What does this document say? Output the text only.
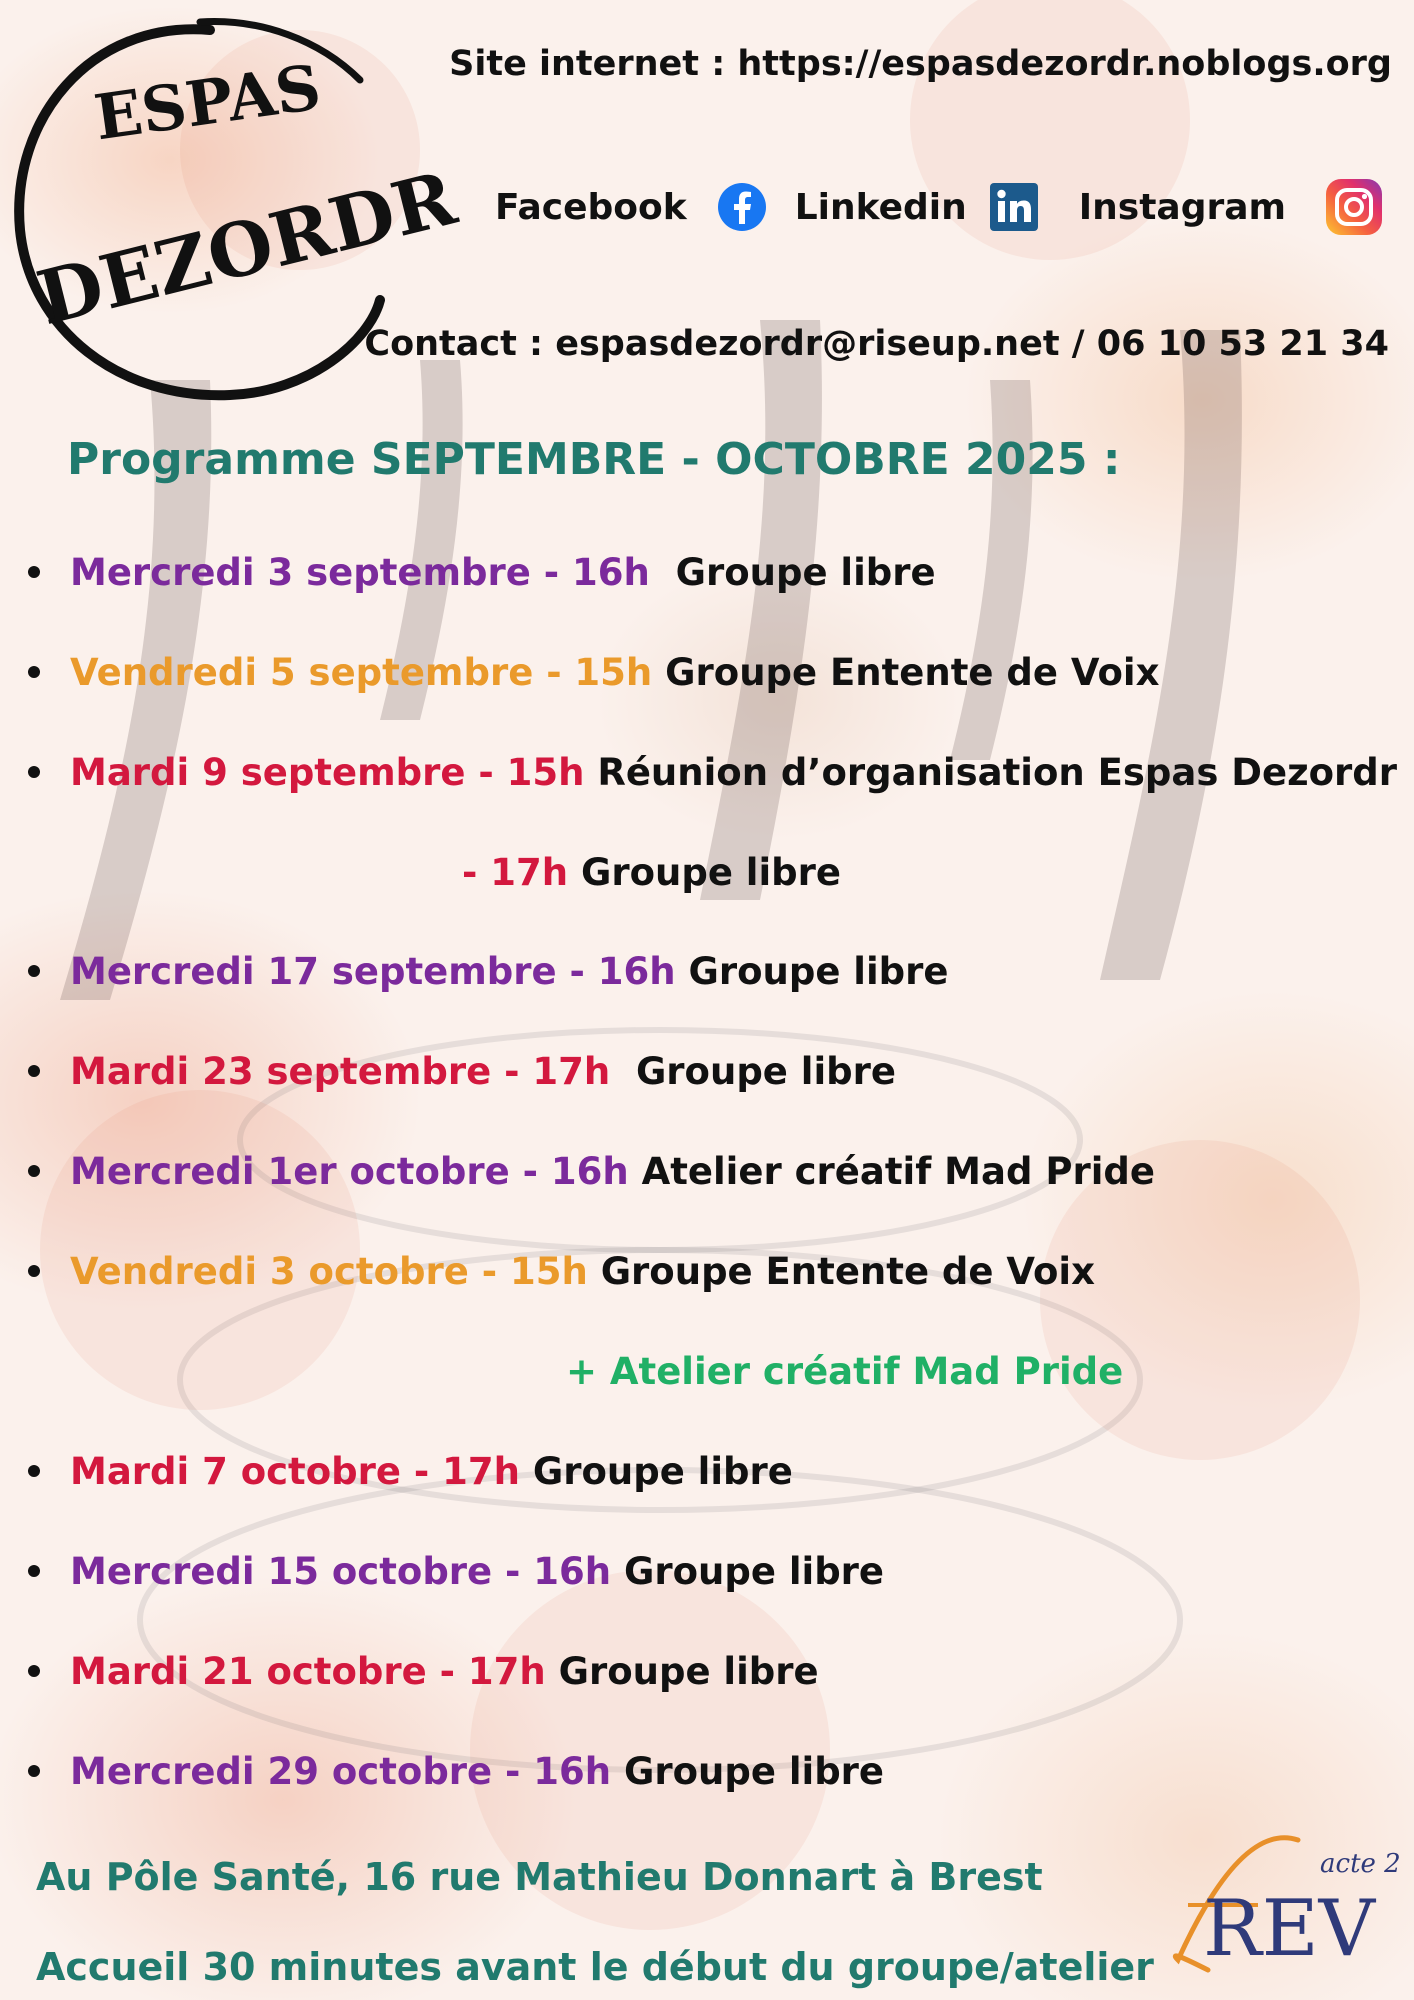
ESPAS
DEZORDR
Site internet : https://espasdezordr.noblogs.org
Facebook	Linkedin	Instagram
Contact : espasdezordr@riseup.net / 06 10 53 21 34
Programme SEPTEMBRE - OCTOBRE 2025 :
Mercredi 3 septembre - 16h
Groupe libre
Vendredi 5 septembre - 15h
Groupe Entente de Voix
Mardi 9 septembre - 15h
Réunion d’organisation Espas Dezordr
- 17h
Groupe libre
Mercredi 17 septembre - 16h
Groupe libre
Mardi 23 septembre - 17h
Groupe libre
Mercredi 1er octobre - 16h
Atelier créatif Mad Pride
Vendredi 3 octobre - 15h
Groupe Entente de Voix
+ Atelier créatif Mad Pride
Mardi 7 octobre - 17h
Groupe libre
Mercredi 15 octobre - 16h
Groupe libre
Mardi 21 octobre - 17h
Groupe libre
Mercredi 29 octobre - 16h
Groupe libre
Au Pôle Santé, 16 rue Mathieu Donnart à Brest
Accueil 30 minutes avant le début du groupe/atelier
acte 2
REV
